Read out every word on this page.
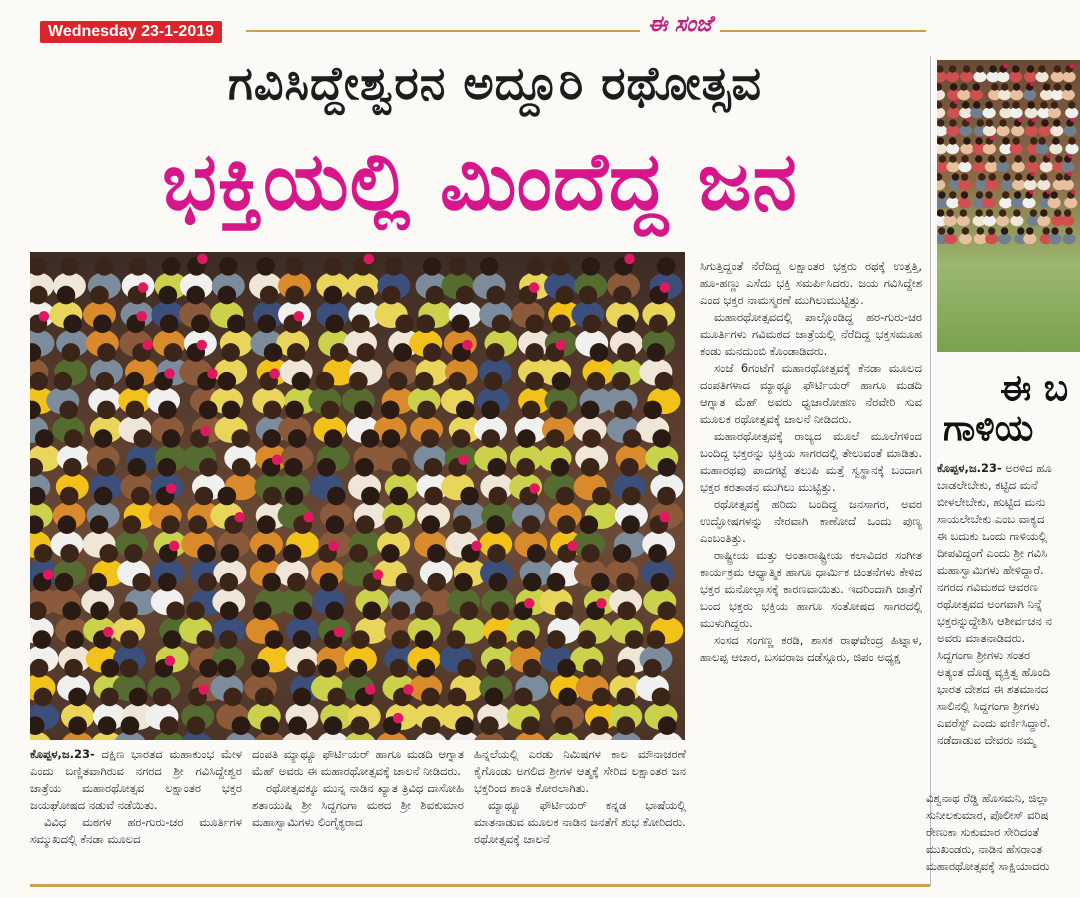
Wednesday 23-1-2019	ಈ ಸಂಜೆ
ಗವಿಸಿದ್ದೇಶ್ವರನ ಅದ್ದೂರಿ ರಥೋತ್ಸವ
ಭಕ್ತಿಯಲ್ಲಿ ಮಿಂದೆದ್ದ ಜನ

ಸಿಗುತ್ತಿದ್ದಂತೆ ನೆರೆದಿದ್ದ ಲಕ್ಷಾಂತರ ಭಕ್ತರು ರಥಕ್ಕೆ ಉತ್ತತ್ತಿ, ಹೂ-ಹಣ್ಣು ಎಸೆದು ಭಕ್ತಿ ಸಮರ್ಪಿಸಿದರು. ಜಯ ಗವಿಸಿದ್ದೇಶ ಎಂದ ಭಕ್ತರ ನಾಮಸ್ಮರಣೆ ಮುಗಿಲುಮುಟ್ಟಿತ್ತು.

ಮಹಾರಥೋತ್ಸವದಲ್ಲಿ ಪಾಲ್ಗೊಂಡಿದ್ದ ಹರ-ಗುರು-ಚರ ಮೂರ್ತಿಗಳು ಗವಿಮಠದ ಜಾತ್ರೆಯಲ್ಲಿ ನೆರೆದಿದ್ದ ಭಕ್ತಸಮೂಹ ಕಂಡು ಮನದುಂಬಿ ಕೊಂಡಾಡಿದರು.

ಸಂಜೆ 6ಗಂಟೆಗೆ ಮಹಾರಥೋತ್ಸವಕ್ಕೆ ಕೆನಡಾ ಮೂಲದ ದಂಪತಿಗಳಾದ ಮ್ಯಾಥ್ಯೂ ಫೌರ್ಟಿಯರ್ ಹಾಗೂ ಮಡದಿ ಆಗ್ನಾತ ಮೆಹ್ ಅವರು ಧ್ವಜಾರೋಹಣ ನೆರವೇರಿ ಸುವ ಮೂಲಕ ರಥೋತ್ಸವಕ್ಕೆ ಚಾಲನೆ ನೀಡಿದರು.

ಮಹಾರಥೋತ್ಸವಕ್ಕೆ ರಾಜ್ಯದ ಮೂಲೆ ಮೂಲೆಗಳಿಂದ ಬಂದಿದ್ದ ಭಕ್ತರನ್ನು ಭಕ್ತಿಯ ಸಾಗರದಲ್ಲಿ ತೇಲುವಂತೆ ಮಾಡಿತು. ಮಹಾರಥವು ಪಾದಗಟ್ಟೆ ತಲುಪಿ ಮತ್ತೆ ಸ್ವಸ್ಥಾನಕ್ಕೆ ಬಂದಾಗ ಭಕ್ತರ ಕರತಾಡನ ಮುಗಿಲು ಮುಟ್ಟಿತ್ತು.

ರಥೋತ್ಸವಕ್ಕೆ ಹರಿದು ಬಂದಿದ್ದ ಜನಸಾಗರ, ಅವರ ಉದ್ಘೋಷಗಳನ್ನು ನೇರವಾಗಿ ಕಾಣೋದೆ ಒಂದು ಪುಣ್ಯ ಎಂಬಂತಿತ್ತು.

ರಾಷ್ಟ್ರೀಯ ಮತ್ತು ಅಂತಾರಾಷ್ಟ್ರೀಯ ಕಲಾವಿದರ ಸಂಗೀತ ಕಾರ್ಯಕ್ರಮ ಆಧ್ಯಾತ್ಮಿಕ ಹಾಗೂ ಧಾರ್ಮಿಕ ಚಿಂತನೆಗಳು ಕೇಳಿದ ಭಕ್ತರ ಮನೋಲ್ಲಾಸಕ್ಕೆ ಕಾರಣವಾಯಿತು. ಇದರಿಂದಾಗಿ ಜಾತ್ರೆಗೆ ಬಂದ ಭಕ್ತರು ಭಕ್ತಿಯ ಹಾಗೂ ಸಂತೋಷದ ಸಾಗರದಲ್ಲಿ ಮುಳುಗಿದ್ದರು.

ಸಂಸದ ಸಂಗಣ್ಣ ಕರಡಿ, ಶಾಸಕ ರಾಘವೇಂದ್ರ ಹಿಟ್ನಾಳ, ಹಾಲಪ್ಪ ಆಚಾರ, ಬಸವರಾಜ ದಡೆಸ್ಗೂರು, ಜಿಪಂ ಅಧ್ಯಕ್ಷ

ಕೊಪ್ಪಳ,ಜ.23- ದಕ್ಷಿಣ ಭಾರತದ ಮಹಾಕುಂಭ ಮೇಳ ಎಂದು ಬಣ್ಣಿತವಾಗಿರುವ ನಗರದ ಶ್ರೀ ಗವಿಸಿದ್ದೇಶ್ವರ ಜಾತ್ರೆಯ ಮಹಾರಥೋತ್ಸವ ಲಕ್ಷಾಂತರ ಭಕ್ತರ ಜಯಘೋಷದ ನಡುವೆ ನಡೆಯಿತು.

ವಿವಿಧ ಮಠಗಳ ಹರ-ಗುರು-ಚರ ಮೂರ್ತಿಗಳ ಸಮ್ಮುಖದಲ್ಲಿ ಕೆನಡಾ ಮೂಲದ

ದಂಪತಿ ಮ್ಯಾಥ್ಯೂ ಫೌರ್ಟಿಯರ್ ಹಾಗೂ ಮಡದಿ ಆಗ್ನಾತ ಮೆಹ್ ಅವರು ಈ ಮಹಾರಥೋತ್ಸವಕ್ಕೆ ಚಾಲನೆ ನೀಡಿದರು.

ರಥೋತ್ಸವಕ್ಕೂ ಮುನ್ನ ನಾಡಿನ ಖ್ಯಾತ ತ್ರಿವಿಧ ದಾಸೋಹಿ ಶತಾಯುಷಿ ಶ್ರೀ ಸಿದ್ದಗಂಗಾ ಮಠದ ಶ್ರೀ ಶಿವಕುಮಾರ ಮಹಾಸ್ವಾಮಿಗಳು ಲಿಂಗೈಕ್ಯರಾದ

ಹಿನ್ನಲೆಯಲ್ಲಿ ಎರಡು ನಿಮಿಷಗಳ ಕಾಲ ಮೌನಾಚರಣೆ ಕೈಗೊಂಡು ಅಗಲಿದ ಶ್ರೀಗಳ ಆತ್ಮಕ್ಕೆ ಸೇರಿದ ಲಕ್ಷಾಂತರ ಜನ ಭಕ್ತರಿಂದ ಶಾಂತಿ ಕೋರಲಾಗಿತು.

ಮ್ಯಾಥ್ಯೂ ಫೌರ್ಟಿಯರ್ ಕನ್ನಡ ಭಾಷೆಯಲ್ಲಿ ಮಾತನಾಡುವ ಮೂಲಕ ನಾಡಿನ ಜನತೆಗೆ ಶುಭ ಕೋರಿದರು. ರಥೋತ್ಸವಕ್ಕೆ ಚಾಲನೆ

ಈ ಬ
ಗಾಳಿಯ
ಕೊಪ್ಪಳ,ಜ.23- ಅರಳಿದ ಹೂ
ಬಾಡಲೇಬೇಕು, ಕಟ್ಟಿದ ಮನೆ
ಬೀಳಲೇಬೇಕು, ಹುಟ್ಟಿದ ಮನು
ಸಾಯಲೇಬೇಕು ಎಂಬ ವಾಕ್ಯದ
ಈ ಬದುಕು ಒಂದು ಗಾಳಿಯಲ್ಲಿ
ದೀಪವಿದ್ದಂಗೆ ಎಂದು ಶ್ರೀ ಗವಿಸಿ
ಮಹಾಸ್ವಾಮಿಗಳು ಹೇಳಿದ್ದಾರೆ.
ನಗರದ ಗವಿಮಠದ ಆವರಣ
ರಥೋತ್ಸವದ ಅಂಗವಾಗಿ ನಿನ್ನೆ
ಭಕ್ತರನ್ನುದ್ದೇಶಿಸಿ ಆಶೀರ್ವಚನ ನ
ಅವರು ಮಾತನಾಡಿದರು.
ಸಿದ್ದಗಂಗಾ ಶ್ರೀಗಳು ಸಂತರ
ಅತ್ಯಂತ ದೊಡ್ಡ ವ್ಯಕ್ತಿತ್ವ ಹೊಂದಿ
ಭಾರತ ದೇಶದ ಈ ಶತಮಾನದ
ಸಾಲಿನಲ್ಲಿ ಸಿದ್ದಗಂಗಾ ಶ್ರೀಗಳು
ಎವರೆಸ್ಟ್ ಎಂದು ವರ್ಣಿಸಿದ್ದಾರೆ.
ನಡೆದಾಡುವ ದೇವರು ನಮ್ಮ
ವಿಶ್ವನಾಥ ರೆಡ್ಡಿ ಹೊಸಮನಿ, ಜಿಲ್ಲಾ
ಸುನೀಲಕುಮಾರ, ಪೊಲೀಸ್ ವರಿಷ
ರೇಣುಕಾ ಸುಕುಮಾರ ಸೇರಿದಂತೆ
ಮುಖಂಡರು, ನಾಡಿನ ಹೆಸರಾಂತ
ಮಹಾರಥೋತ್ಸವಕ್ಕೆ ಸಾಕ್ಷಿಯಾದರು
